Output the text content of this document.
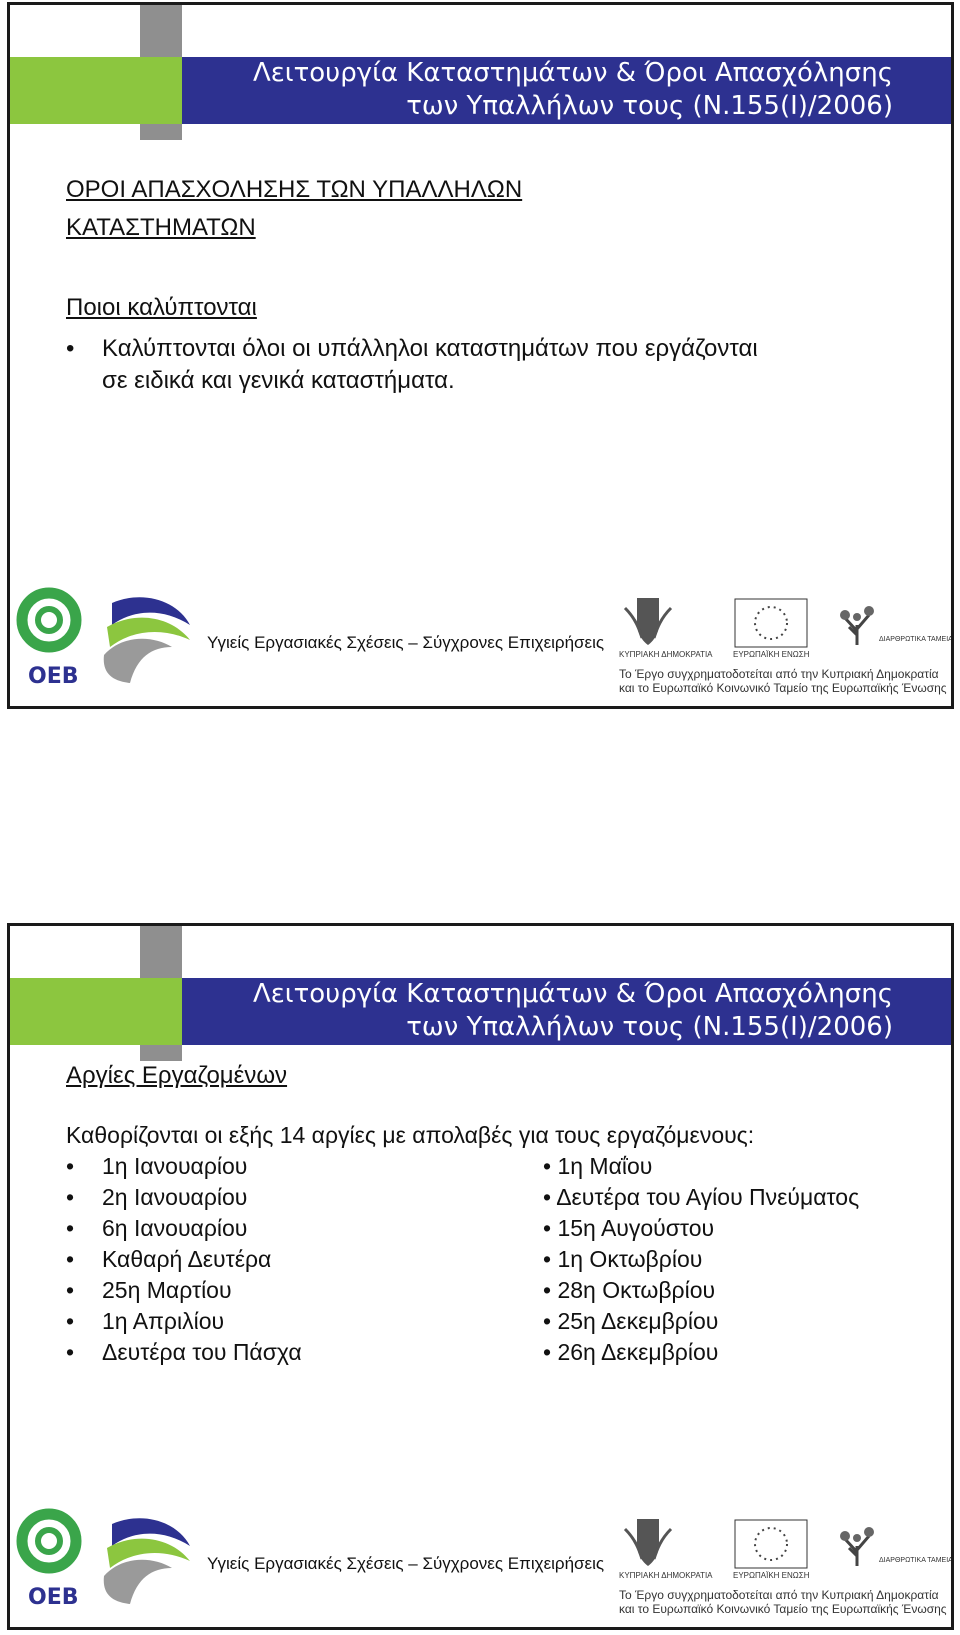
Λειτουργία Καταστημάτων & Όροι Απασχόλησης
των Υπαλλήλων τους (Ν.155(Ι)/2006)
ΟΡΟΙ ΑΠΑΣΧΟΛΗΣΗΣ ΤΩΝ ΥΠΑΛΛΗΛΩΝ
ΚΑΤΑΣΤΗΜΑΤΩΝ
Ποιοι καλύπτονται
• Καλύπτονται όλοι οι υπάλληλοι καταστημάτων που εργάζονται
σε ειδικά και γενικά καταστήματα.
OEB
Υγιείς Εργασιακές Σχέσεις – Σύγχρονες Επιχειρήσεις
ΚΥΠΡΙΑΚΗ ΔΗΜΟΚΡΑΤΙΑ	ΕΥΡΩΠΑΪΚΗ ΕΝΩΣΗ
ΔΙΑΡΘΡΩΤΙΚΑ ΤΑΜΕΙΑ
Το Έργο συγχρηματοδοτείται από την Κυπριακή Δημοκρατία
και το Ευρωπαϊκό Κοινωνικό Ταμείο της Ευρωπαϊκής Ένωσης
Λειτουργία Καταστημάτων & Όροι Απασχόλησης
των Υπαλλήλων τους (Ν.155(Ι)/2006)
Αργίες Εργαζομένων
Καθορίζονται οι εξής 14 αργίες με απολαβές για τους εργαζόμενους:
• 1η Ιανουαρίου
• 2η Ιανουαρίου
• 6η Ιανουαρίου
• Καθαρή Δευτέρα
• 25η Μαρτίου
• 1η Απριλίου
• Δευτέρα του Πάσχα
• 1η Μαΐου
• Δευτέρα του Αγίου Πνεύματος
• 15η Αυγούστου
• 1η Οκτωβρίου
• 28η Οκτωβρίου
• 25η Δεκεμβρίου
• 26η Δεκεμβρίου
OEB
Υγιείς Εργασιακές Σχέσεις – Σύγχρονες Επιχειρήσεις
ΚΥΠΡΙΑΚΗ ΔΗΜΟΚΡΑΤΙΑ	ΕΥΡΩΠΑΪΚΗ ΕΝΩΣΗ
ΔΙΑΡΘΡΩΤΙΚΑ ΤΑΜΕΙΑ
Το Έργο συγχρηματοδοτείται από την Κυπριακή Δημοκρατία
και το Ευρωπαϊκό Κοινωνικό Ταμείο της Ευρωπαϊκής Ένωσης
